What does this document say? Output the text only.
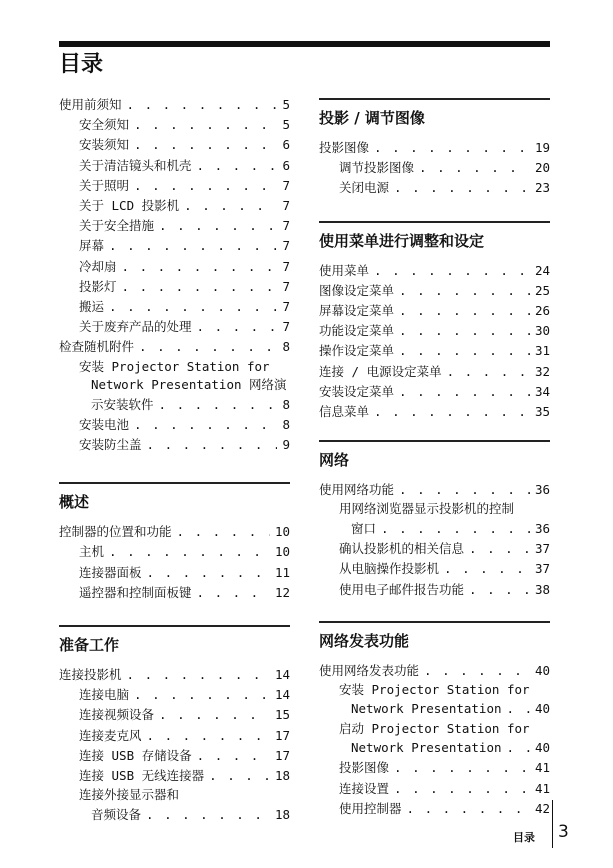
目录
使用前须知 . . .	5
安全须知 . . .	5
安装须知 . . .	6
关于清洁镜头和机壳 . . .	6
关于照明 . . .	7
关于 LCD 投影机 . . .	7
关于安全措施 . . .	7
屏幕 . . .	7
冷却扇 . . .	7
投影灯 . . .	7
搬运 . . .	7
关于废弃产品的处理 . . .	7
检查随机附件 . . .	8
安装 Projector Station for
Network Presentation 网络演
示安装软件 . . .	8
安装电池 . . .	8
安装防尘盖 . . .	9
概述
控制器的位置和功能 . . .	10
主机 . . .	10
连接器面板 . . .	11
遥控器和控制面板键 . . .	12
准备工作
连接投影机 . . .	14
连接电脑 . . .	14
连接视频设备 . . .	15
连接麦克风 . . .	17
连接 USB 存储设备 . . .	17
连接 USB 无线连接器 . . .	18
连接外接显示器和
音频设备 . . .	18
投影 / 调节图像
投影图像 . . .	19
调节投影图像 . . .	20
关闭电源 . . .	23
使用菜单进行调整和设定
使用菜单 . . .	24
图像设定菜单 . . .	25
屏幕设定菜单 . . .	26
功能设定菜单 . . .	30
操作设定菜单 . . .	31
连接 / 电源设定菜单 . . .	32
安装设定菜单 . . .	34
信息菜单 . . .	35
网络
使用网络功能 . . .	36
用网络浏览器显示投影机的控制
窗口 . . .	36
确认投影机的相关信息 . . .	37
从电脑操作投影机 . . .	37
使用电子邮件报告功能 . . .	38
网络发表功能
使用网络发表功能 . . .	40
安装 Projector Station for
Network Presentation . . .	40
启动 Projector Station for
Network Presentation . . .	40
投影图像 . . .	41
连接设置 . . .	41
使用控制器 . . .	42
目录 3
